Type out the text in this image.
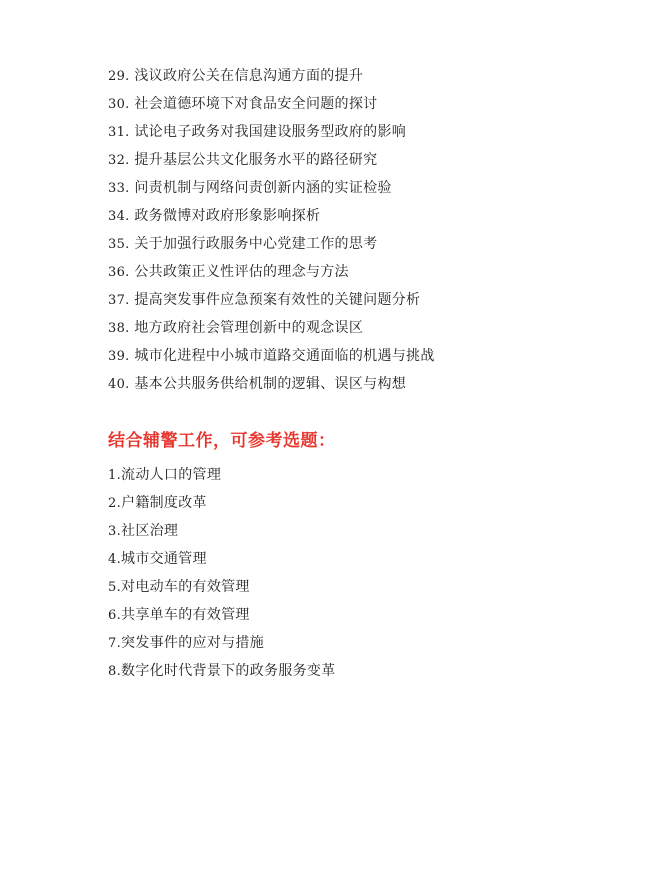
29. 浅议政府公关在信息沟通方面的提升
30. 社会道德环境下对食品安全问题的探讨
31. 试论电子政务对我国建设服务型政府的影响
32. 提升基层公共文化服务水平的路径研究
33. 问责机制与网络问责创新内涵的实证检验
34. 政务微博对政府形象影响探析
35. 关于加强行政服务中心党建工作的思考
36. 公共政策正义性评估的理念与方法
37. 提高突发事件应急预案有效性的关键问题分析
38. 地方政府社会管理创新中的观念误区
39. 城市化进程中小城市道路交通面临的机遇与挑战
40. 基本公共服务供给机制的逻辑、误区与构想
结合辅警工作，可参考选题：
1.流动人口的管理
2.户籍制度改革
3.社区治理
4.城市交通管理
5.对电动车的有效管理
6.共享单车的有效管理
7.突发事件的应对与措施
8.数字化时代背景下的政务服务变革
